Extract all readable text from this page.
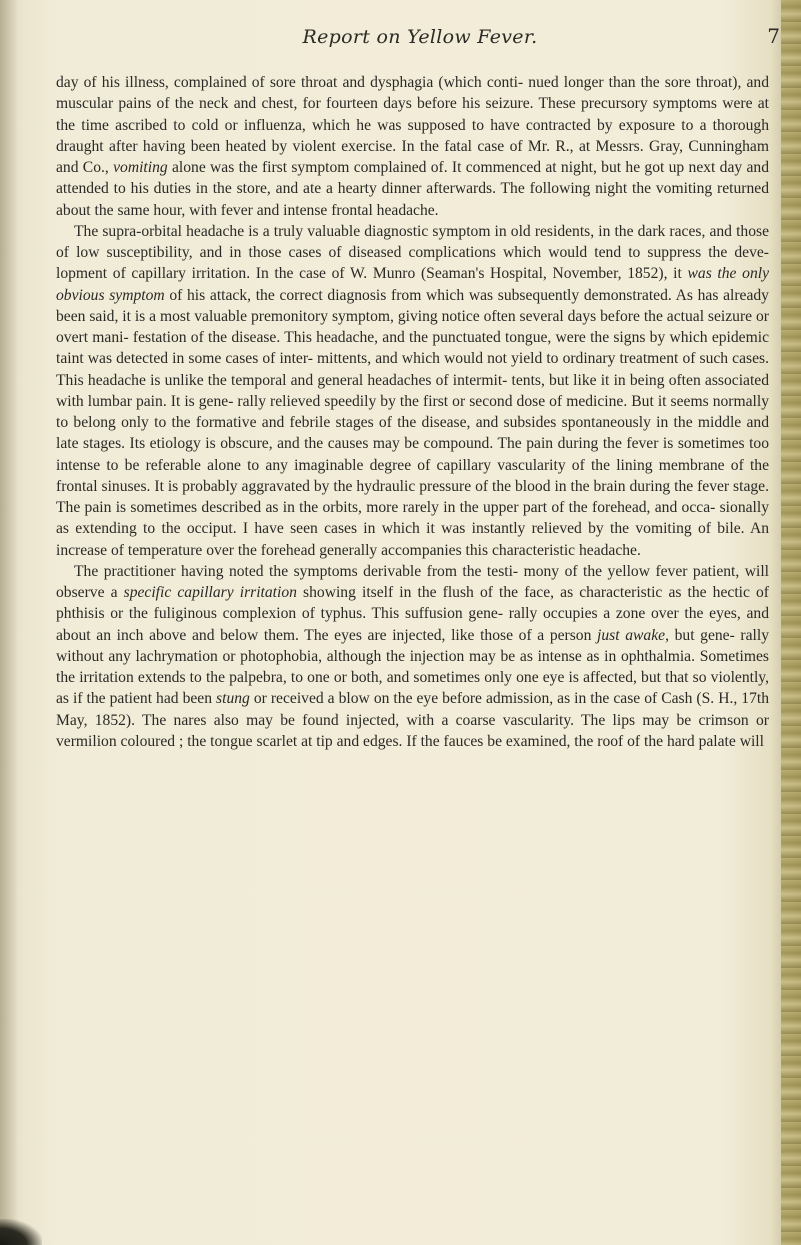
Report on Yellow Fever.	7

day of his illness, complained of sore throat and dysphagia (which conti- nued longer than the sore throat), and muscular pains of the neck and chest, for fourteen days before his seizure. These precursory symptoms were at the time ascribed to cold or influenza, which he was supposed to have contracted by exposure to a thorough draught after having been heated by violent exercise. In the fatal case of Mr. R., at Messrs. Gray, Cunningham and Co., vomiting alone was the first symptom complained of. It commenced at night, but he got up next day and attended to his duties in the store, and ate a hearty dinner afterwards. The following night the vomiting returned about the same hour, with fever and intense frontal headache.

The supra-orbital headache is a truly valuable diagnostic symptom in old residents, in the dark races, and those of low susceptibility, and in those cases of diseased complications which would tend to suppress the deve- lopment of capillary irritation. In the case of W. Munro (Seaman's Hospital, November, 1852), it was the only obvious symptom of his attack, the correct diagnosis from which was subsequently demonstrated. As has already been said, it is a most valuable premonitory symptom, giving notice often several days before the actual seizure or overt mani- festation of the disease. This headache, and the punctuated tongue, were the signs by which epidemic taint was detected in some cases of inter- mittents, and which would not yield to ordinary treatment of such cases. This headache is unlike the temporal and general headaches of intermit- tents, but like it in being often associated with lumbar pain. It is gene- rally relieved speedily by the first or second dose of medicine. But it seems normally to belong only to the formative and febrile stages of the disease, and subsides spontaneously in the middle and late stages. Its etiology is obscure, and the causes may be compound. The pain during the fever is sometimes too intense to be referable alone to any imaginable degree of capillary vascularity of the lining membrane of the frontal sinuses. It is probably aggravated by the hydraulic pressure of the blood in the brain during the fever stage. The pain is sometimes described as in the orbits, more rarely in the upper part of the forehead, and occa- sionally as extending to the occiput. I have seen cases in which it was instantly relieved by the vomiting of bile. An increase of temperature over the forehead generally accompanies this characteristic headache.

The practitioner having noted the symptoms derivable from the testi- mony of the yellow fever patient, will observe a specific capillary irritation showing itself in the flush of the face, as characteristic as the hectic of phthisis or the fuliginous complexion of typhus. This suffusion gene- rally occupies a zone over the eyes, and about an inch above and below them. The eyes are injected, like those of a person just awake, but gene- rally without any lachrymation or photophobia, although the injection may be as intense as in ophthalmia. Sometimes the irritation extends to the palpebra, to one or both, and sometimes only one eye is affected, but that so violently, as if the patient had been stung or received a blow on the eye before admission, as in the case of Cash (S. H., 17th May, 1852). The nares also may be found injected, with a coarse vascularity. The lips may be crimson or vermilion coloured ; the tongue scarlet at tip and edges. If the fauces be examined, the roof of the hard palate will
